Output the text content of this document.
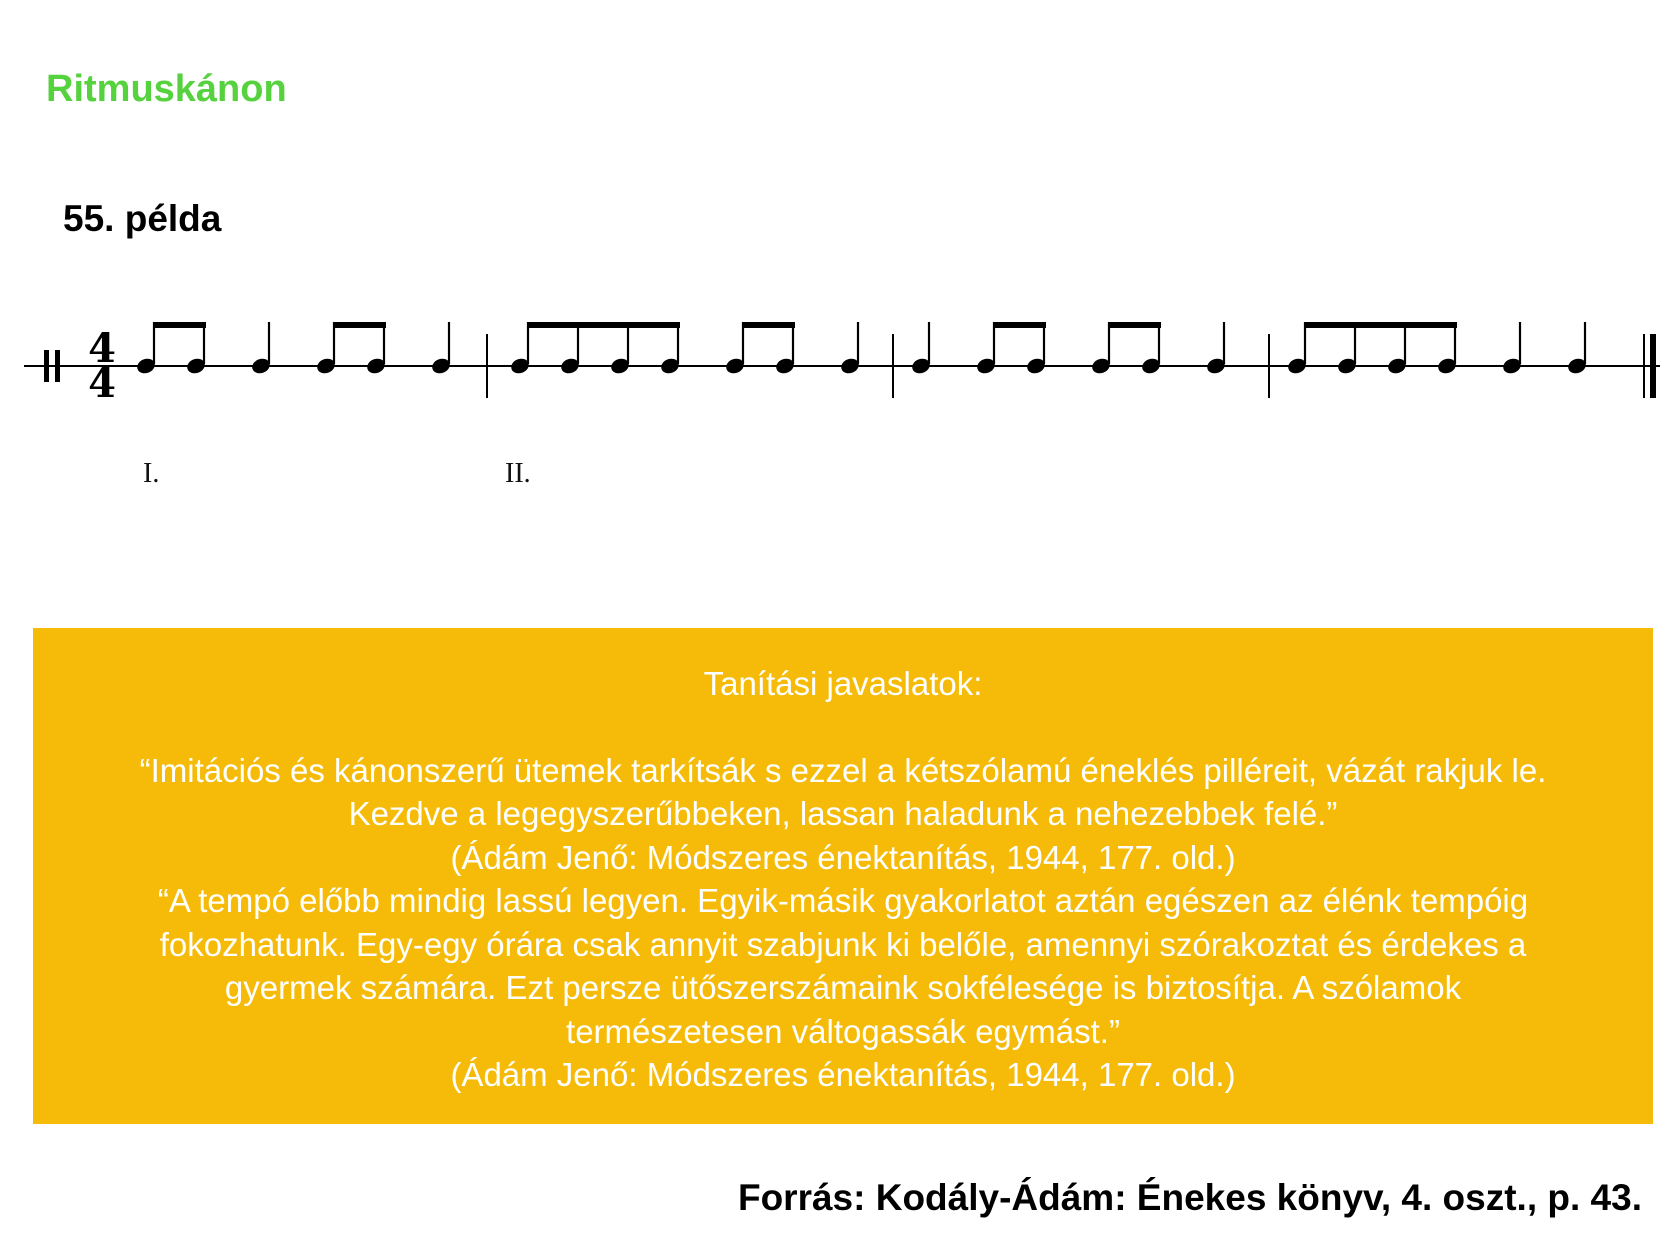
Ritmuskánon
55. példa
4
4
I.	II.

Tanítási javaslatok:

“Imitációs és kánonszerű ütemek tarkítsák s ezzel a kétszólamú éneklés pilléreit, vázát rakjuk le.

Kezdve a legegyszerűbbeken, lassan haladunk a nehezebbek felé.”

(Ádám Jenő: Módszeres énektanítás, 1944, 177. old.)

“A tempó előbb mindig lassú legyen. Egyik-másik gyakorlatot aztán egészen az élénk tempóig

fokozhatunk. Egy-egy órára csak annyit szabjunk ki belőle, amennyi szórakoztat és érdekes a

gyermek számára. Ezt persze ütőszerszámaink sokfélesége is biztosítja. A szólamok

természetesen váltogassák egymást.”

(Ádám Jenő: Módszeres énektanítás, 1944, 177. old.)

Forrás: Kodály-Ádám: Énekes könyv, 4. oszt., p. 43.
